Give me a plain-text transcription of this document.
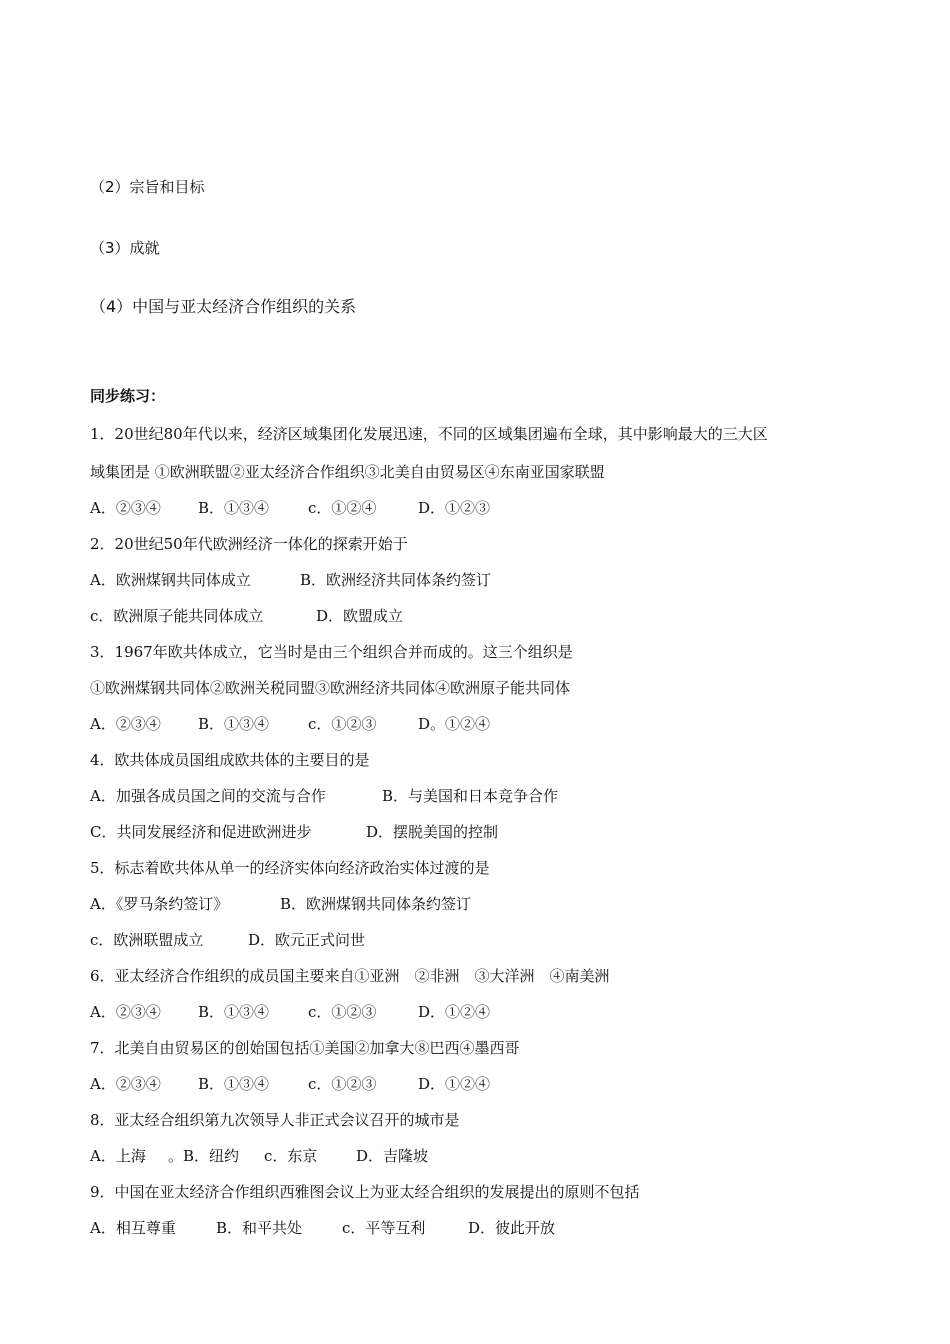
（2）宗旨和目标
（3）成就
（4）中国与亚太经济合作组织的关系
同步练习：
1．20世纪80年代以来，经济区域集团化发展迅速，不同的区域集团遍布全球，其中影响最大的三大区
域集团是 ①欧洲联盟②亚太经济合作组织③北美自由贸易区④东南亚国家联盟
A．②③④ B．①③④	c．①②④	D．①②③
2．20世纪50年代欧洲经济一体化的探索开始于
A．欧洲煤钢共同体成立	B．欧洲经济共同体条约签订
c．欧洲原子能共同体成立	D．欧盟成立
3．1967年欧共体成立，它当时是由三个组织合并而成的。这三个组织是
①欧洲煤钢共同体②欧洲关税同盟③欧洲经济共同体④欧洲原子能共同体
A．②③④ B．①③④	c．①②③	D。①②④
4．欧共体成员国组成欧共体的主要目的是
A．加强各成员国之间的交流与合作	B．与美国和日本竞争合作
C．共同发展经济和促进欧洲进步	D．摆脱美国的控制
5．标志着欧共体从单一的经济实体向经济政治实体过渡的是
A．《罗马条约签订》	B．欧洲煤钢共同体条约签订
c．欧洲联盟成立	D．欧元正式问世
6．亚太经济合作组织的成员国主要来自①亚洲　②非洲　③大洋洲　④南美洲
A．②③④ B．①③④	c．①②③	D．①②④
7．北美自由贸易区的创始国包括①美国②加拿大⑧巴西④墨西哥
A．②③④ B．①③④	c．①②③	D．①②④
8．亚太经合组织第九次领导人非正式会议召开的城市是
A．上海 。B．纽约 c．东京	D．吉隆坡
9．中国在亚太经济合作组织西雅图会议上为亚太经合组织的发展提出的原则不包括
A．相互尊重	B．和平共处	c．平等互利	D．彼此开放
